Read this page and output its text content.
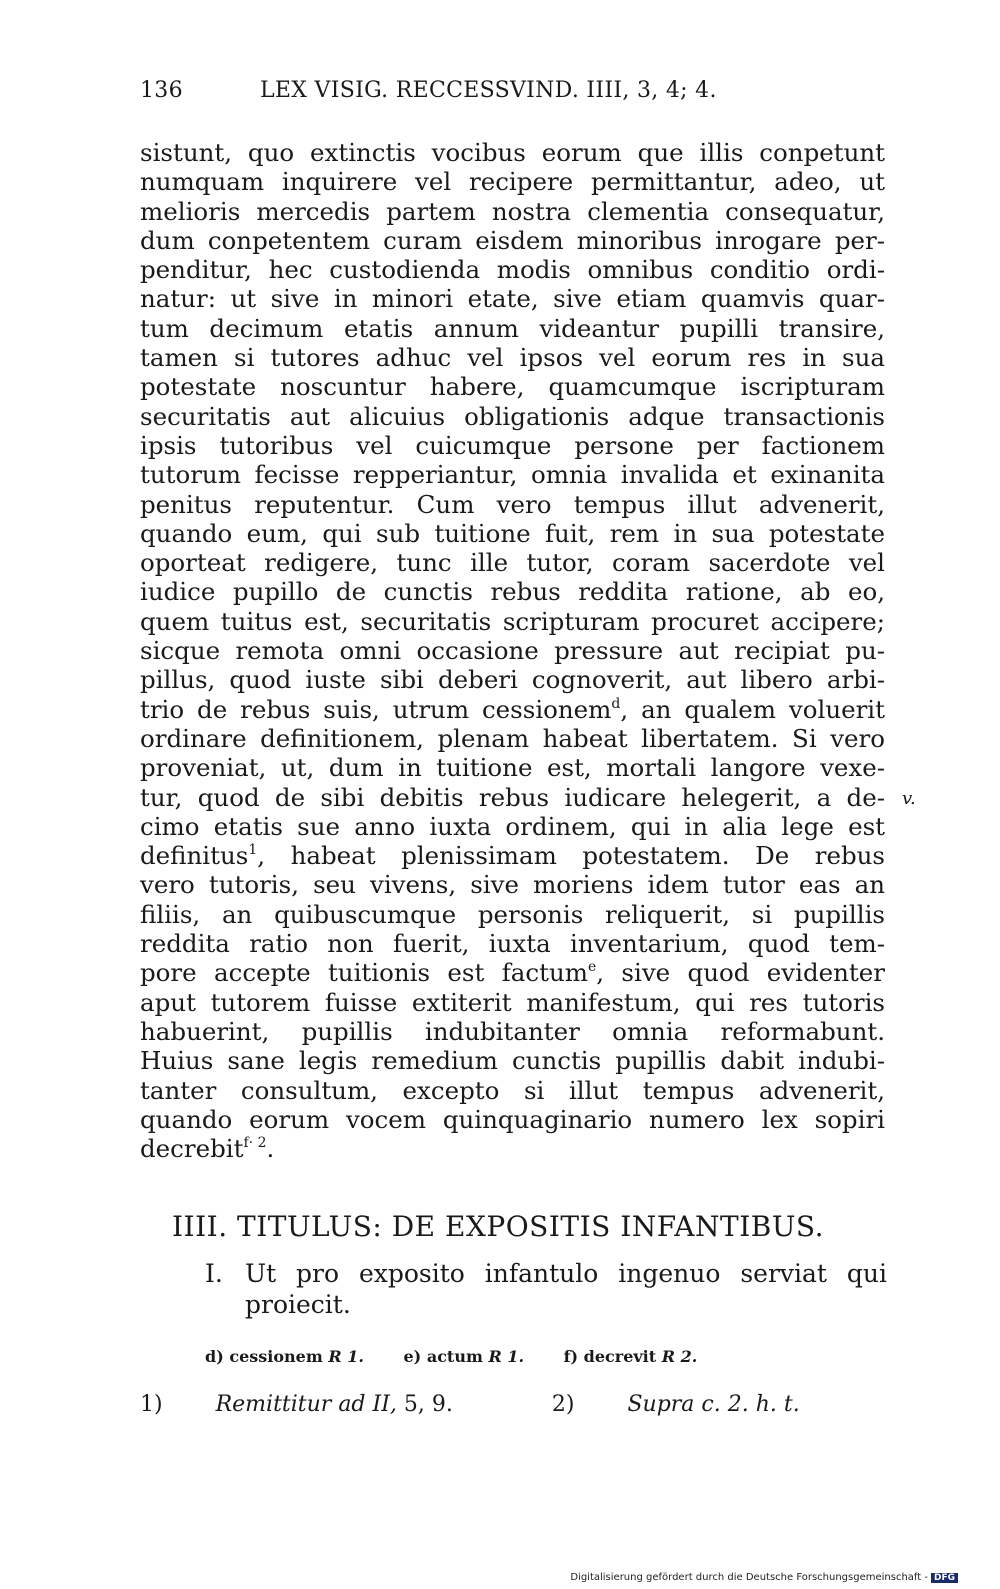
136	LEX VISIG. RECCESSVIND. IIII, 3, 4; 4.
sistunt, quo extinctis vocibus eorum que illis conpetunt
numquam inquirere vel recipere permittantur, adeo, ut
melioris mercedis partem nostra clementia consequatur,
dum conpetentem curam eisdem minoribus inrogare per-
penditur, hec custodienda modis omnibus conditio ordi-
natur: ut sive in minori etate, sive etiam quamvis quar-
tum decimum etatis annum videantur pupilli transire,
tamen si tutores adhuc vel ipsos vel eorum res in sua
potestate noscuntur habere, quamcumque iscripturam
securitatis aut alicuius obligationis adque transactionis
ipsis tutoribus vel cuicumque persone per factionem
tutorum fecisse repperiantur, omnia invalida et exinanita
penitus reputentur. Cum vero tempus illut advenerit,
quando eum, qui sub tuitione fuit, rem in sua potestate
oporteat redigere, tunc ille tutor, coram sacerdote vel
iudice pupillo de cunctis rebus reddita ratione, ab eo,
quem tuitus est, securitatis scripturam procuret accipere;
sicque remota omni occasione pressure aut recipiat pu-
pillus, quod iuste sibi deberi cognoverit, aut libero arbi-
trio de rebus suis, utrum cessionem$^d$, an qualem voluerit
ordinare definitionem, plenam habeat libertatem. Si vero
proveniat, ut, dum in tuitione est, mortali langore vexe-
tur, quod de sibi debitis rebus iudicare helegerit, a de-
cimo etatis sue anno iuxta ordinem, qui in alia lege est
definitus$^1$, habeat plenissimam potestatem. De rebus
vero tutoris, seu vivens, sive moriens idem tutor eas an
filiis, an quibuscumque personis reliquerit, si pupillis
reddita ratio non fuerit, iuxta inventarium, quod tem-
pore accepte tuitionis est factum$^e$, sive quod evidenter
aput tutorem fuisse extiterit manifestum, qui res tutoris
habuerint, pupillis indubitanter omnia reformabunt.
Huius sane legis remedium cunctis pupillis dabit indubi-
tanter consultum, excepto si illut tempus advenerit,
quando eorum vocem quinquaginario numero lex sopiri
decrebit$^{f\cdot 2}$.
v.
IIII. TITULUS: DE EXPOSITIS INFANTIBUS.
I. Ut pro exposito infantulo ingenuo serviat qui
proiecit.
d) cessionem R 1. e) actum R 1. f) decrevit R 2.
1) Remittitur ad II, 5, 9.	2) Supra c. 2. h. t.
Digitalisierung gefördert durch die Deutsche Forschungsgemeinschaft - DFG
